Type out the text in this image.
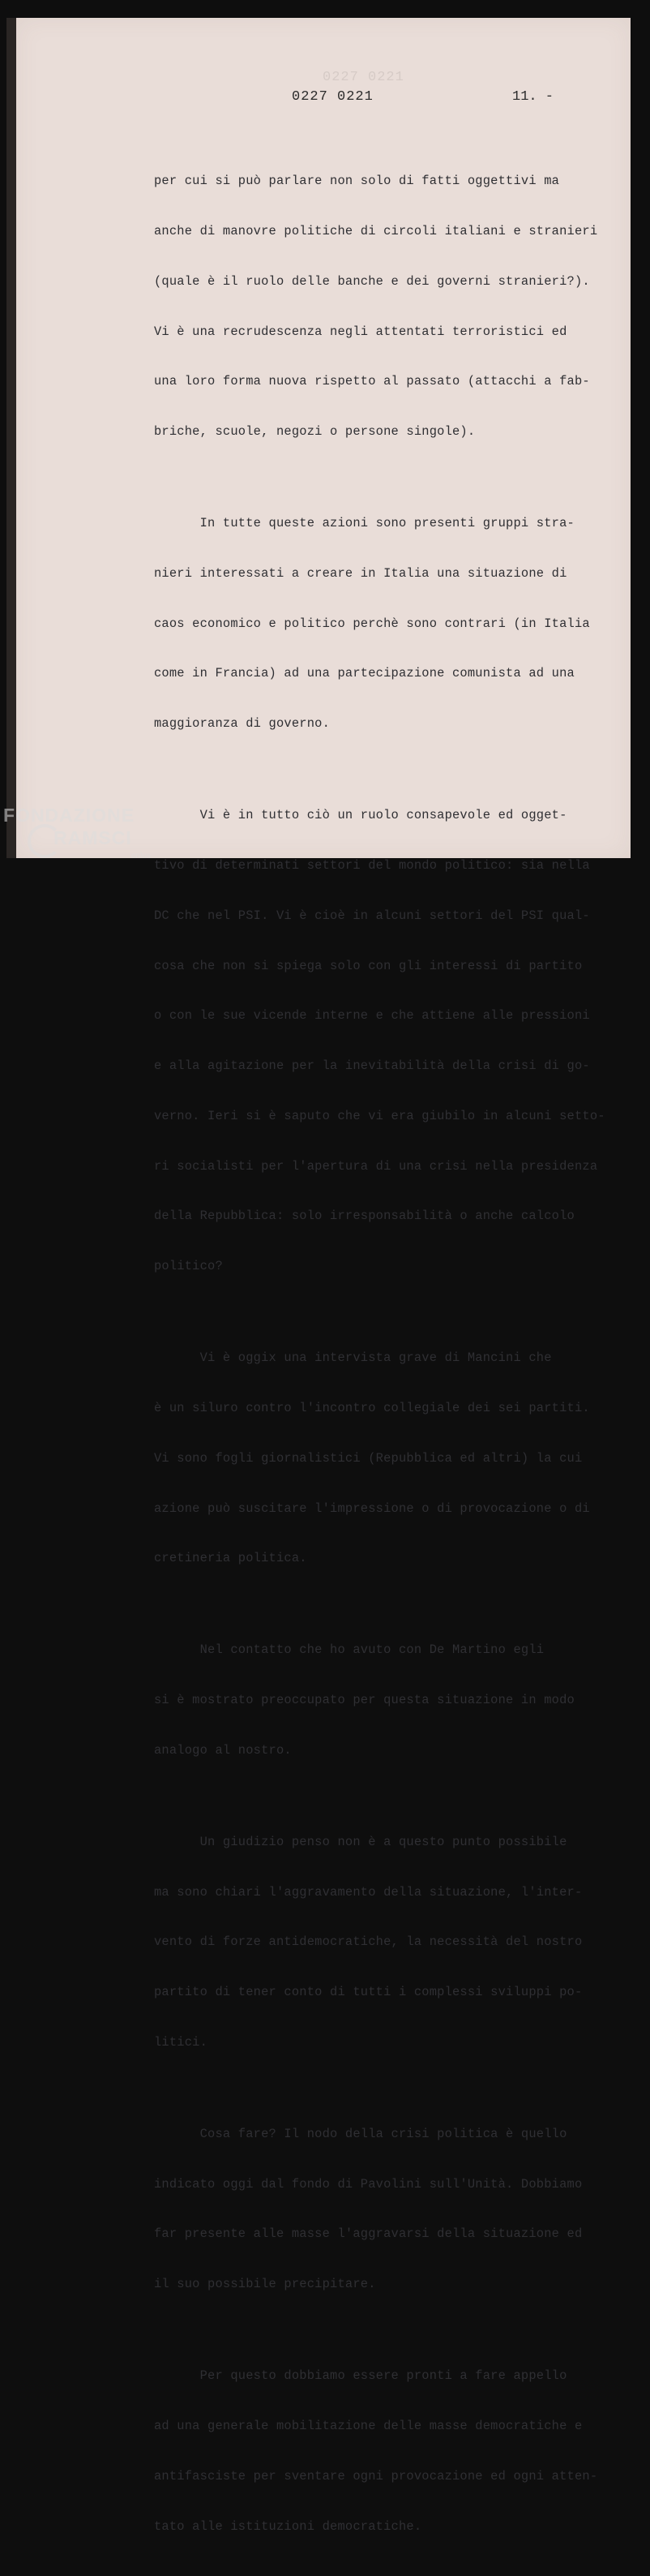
0227 0221
0227 0221	11. -

per cui si può parlare non solo di fatti oggettivi ma

anche di manovre politiche di circoli italiani e stranieri

(quale è il ruolo delle banche e dei governi stranieri?).

Vi è una recrudescenza negli attentati terroristici ed

una loro forma nuova rispetto al passato (attacchi a fab-

briche, scuole, negozi o persone singole).

In tutte queste azioni sono presenti gruppi stra-

nieri interessati a creare in Italia una situazione di

caos economico e politico perchè sono contrari (in Italia

come in Francia) ad una partecipazione comunista ad una

maggioranza di governo.

Vi è in tutto ciò un ruolo consapevole ed ogget-

tivo di determinati settori del mondo politico: sia nella

DC che nel PSI. Vi è cioè in alcuni settori del PSI qual-

cosa che non si spiega solo con gli interessi di partito

o con le sue vicende interne e che attiene alle pressioni

e alla agitazione per la inevitabilità della crisi di go-

verno. Ieri si è saputo che vi era giubilo in alcuni setto-

ri socialisti per l'apertura di una crisi nella presidenza

della Repubblica: solo irresponsabilità o anche calcolo

politico?

Vi è oggix una intervista grave di Mancini che

è un siluro contro l'incontro collegiale dei sei partiti.

Vi sono fogli giornalistici (Repubblica ed altri) la cui

azione può suscitare l'impressione o di provocazione o di

cretineria politica.

Nel contatto che ho avuto con De Martino egli

si è mostrato preoccupato per questa situazione in modo

analogo al nostro.

Un giudizio penso non è a questo punto possibile

ma sono chiari l'aggravamento della situazione, l'inter-

vento di forze antidemocratiche, la necessità del nostro

partito di tener conto di tutti i complessi sviluppi po-

litici.

Cosa fare? Il nodo della crisi politica è quello

indicato oggi dal fondo di Pavolini sull'Unità. Dobbiamo

far presente alle masse l'aggravarsi della situazione ed

il suo possibile precipitare.

Per questo dobbiamo essere pronti a fare appello

ad una generale mobilitazione delle masse democratiche e

antifasciste per sventare ogni provocazione ed ogni atten-

tato alle istituzioni democratiche.

FONDAZIONE
RAMSCI
onlus
